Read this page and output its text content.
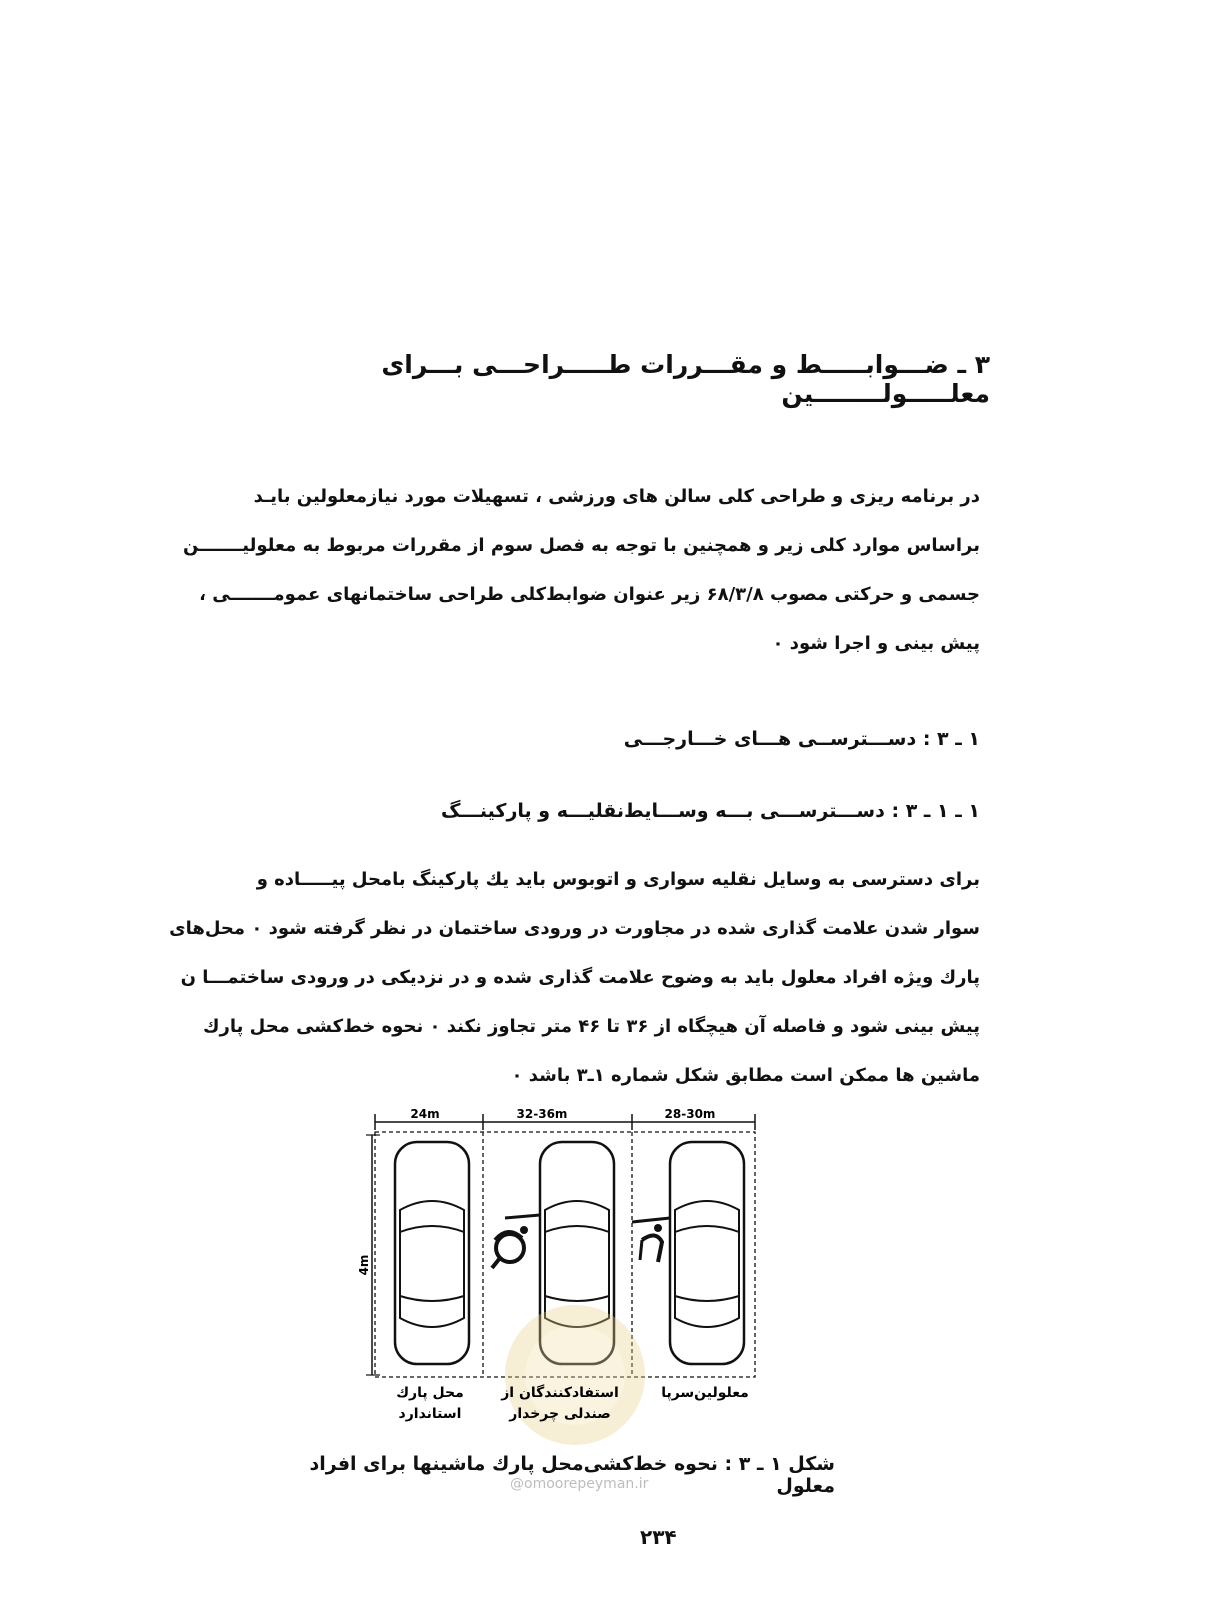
۳ ـ ضـــوابـــــط و مقـــررات طـــــراحـــی بـــرای معلـــــولــــــــین
در برنامه ریزی و طراحی کلی سالن های ورزشی ، تسهیلات مورد نیازمعلولین بایـد
براساس موارد کلی زیر و همچنین با توجه به فصل سوم از مقررات مربوط به معلولیـــــــن
جسمی و حرکتی مصوب ۶۸/۳/۸ زیر عنوان ضوابط‌کلی طراحی ساختمانهای عمومـــــــی ،
پیش بینی و اجرا شود ۰
۱ ـ ۳ : دســـترســی هـــای خـــارجـــی
۱ ـ ۱ ـ ۳ : دســـترســـی بـــه وســـایط‌نقلیـــه و پارکینـــگ
برای دسترسی به وسایل نقلیه سواری و اتوبوس باید یك پارکینگ بامحل پیـــــاده و
سوار شدن علامت گذاری شده در مجاورت در ورودی ساختمان در نظر گرفته شود ۰ محل‌های
پارك ویژه افراد معلول باید به وضوح علامت گذاری شده و در نزدیکی در ورودی ساختمـــا ن
پیش بینی شود و فاصله آن هیچگاه از ۳۶ تا ۴۶ متر تجاوز نکند ۰ نحوه خط‌کشی محل پارك
ماشین ها ممکن است مطابق شکل شماره ۱ـ۳ باشد ۰
24m	32-36m	28-30m
4m
محل پارك
استاندارد
استفاد‌کنندگان از
صندلی چرخدار
معلولین‌سرپا
شکل ۱ ـ ۳ : نحوه خط‌کشی‌محل پارك ماشینها برای افراد معلول
@omoorepeyman.ir
۲۳۴
